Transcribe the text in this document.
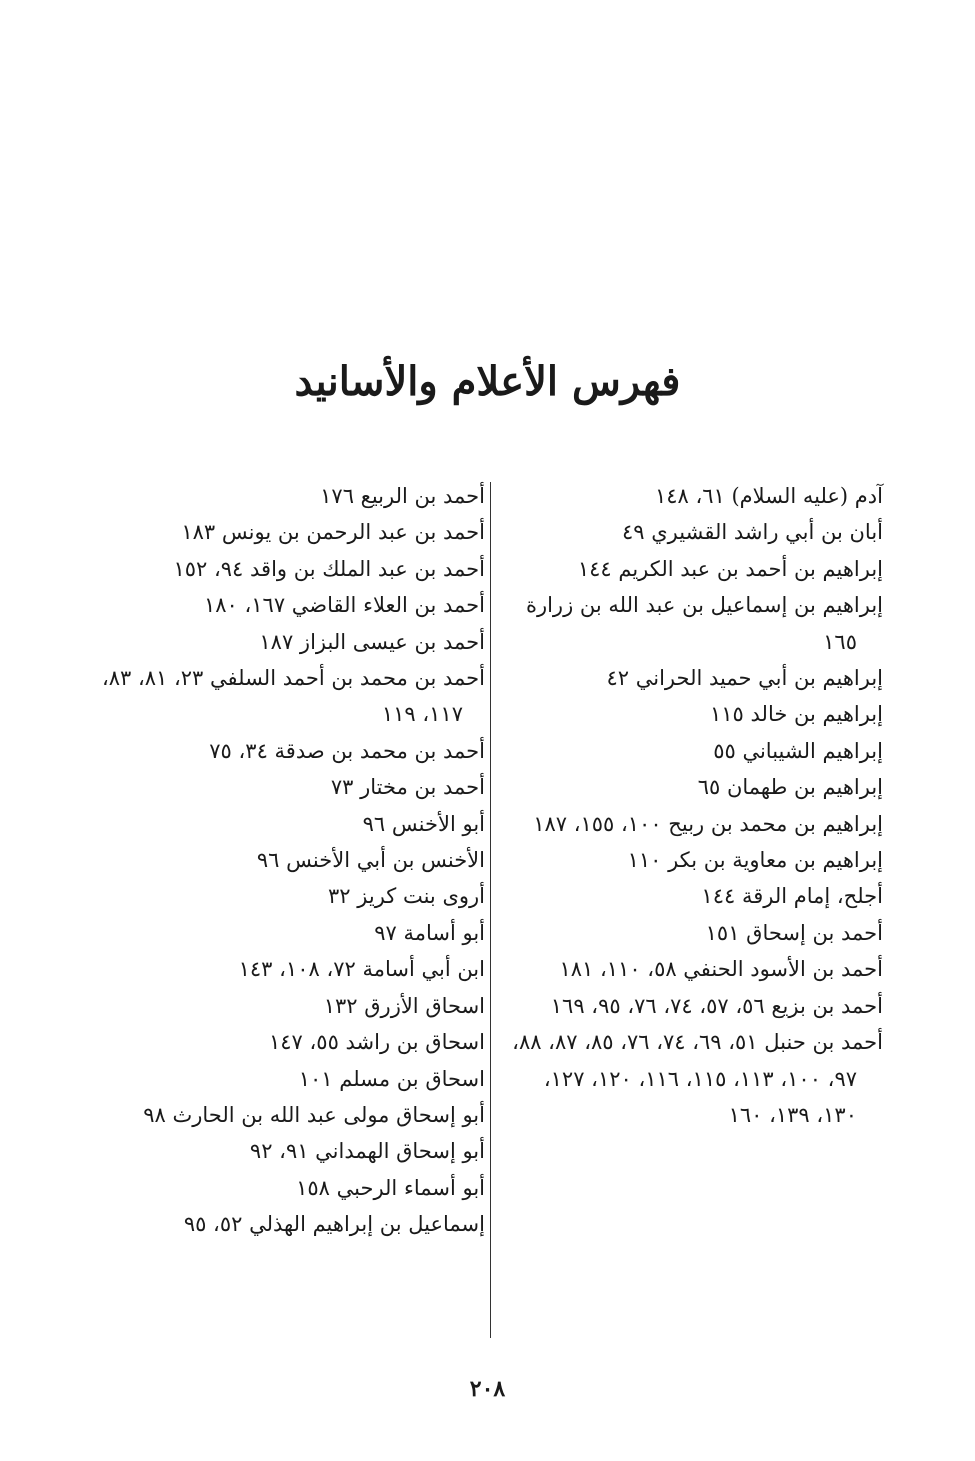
فهرس الأعلام والأسانيد
آدم (عليه السلام) ٦١، ١٤٨
أبان بن أبي راشد القشيري ٤٩
إبراهيم بن أحمد بن عبد الكريم ١٤٤
إبراهيم بن إسماعيل بن عبد الله بن زرارة ١٦٥
إبراهيم بن أبي حميد الحراني ٤٢
إبراهيم بن خالد ١١٥
إبراهيم الشيباني ٥٥
إبراهيم بن طهمان ٦٥
إبراهيم بن محمد بن ربيح ١٠٠، ١٥٥، ١٨٧
إبراهيم بن معاوية بن بكر ١١٠
أجلح، إمام الرقة ١٤٤
أحمد بن إسحاق ١٥١
أحمد بن الأسود الحنفي ٥٨، ١١٠، ١٨١
أحمد بن بزيع ٥٦، ٥٧، ٧٤، ٧٦، ٩٥، ١٦٩
أحمد بن حنبل ٥١، ٦٩، ٧٤، ٧٦، ٨٥، ٨٧، ٨٨، ٩٧، ١٠٠، ١١٣، ١١٥، ١١٦، ١٢٠، ١٢٧، ١٣٠، ١٣٩، ١٦٠
أحمد بن الربيع ١٧٦
أحمد بن عبد الرحمن بن يونس ١٨٣
أحمد بن عبد الملك بن واقد ٩٤، ١٥٢
أحمد بن العلاء القاضي ١٦٧، ١٨٠
أحمد بن عيسى البزاز ١٨٧
أحمد بن محمد بن أحمد السلفي ٢٣، ٨١، ٨٣، ١١٧، ١١٩
أحمد بن محمد بن صدقة ٣٤، ٧٥
أحمد بن مختار ٧٣
أبو الأخنس ٩٦
الأخنس بن أبي الأخنس ٩٦
أروى بنت كريز ٣٢
أبو أسامة ٩٧
ابن أبي أسامة ٧٢، ١٠٨، ١٤٣
اسحاق الأزرق ١٣٢
اسحاق بن راشد ٥٥، ١٤٧
اسحاق بن مسلم ١٠١
أبو إسحاق مولى عبد الله بن الحارث ٩٨
أبو إسحاق الهمداني ٩١، ٩٢
أبو أسماء الرحبي ١٥٨
إسماعيل بن إبراهيم الهذلي ٥٢، ٩٥
٢٠٨
